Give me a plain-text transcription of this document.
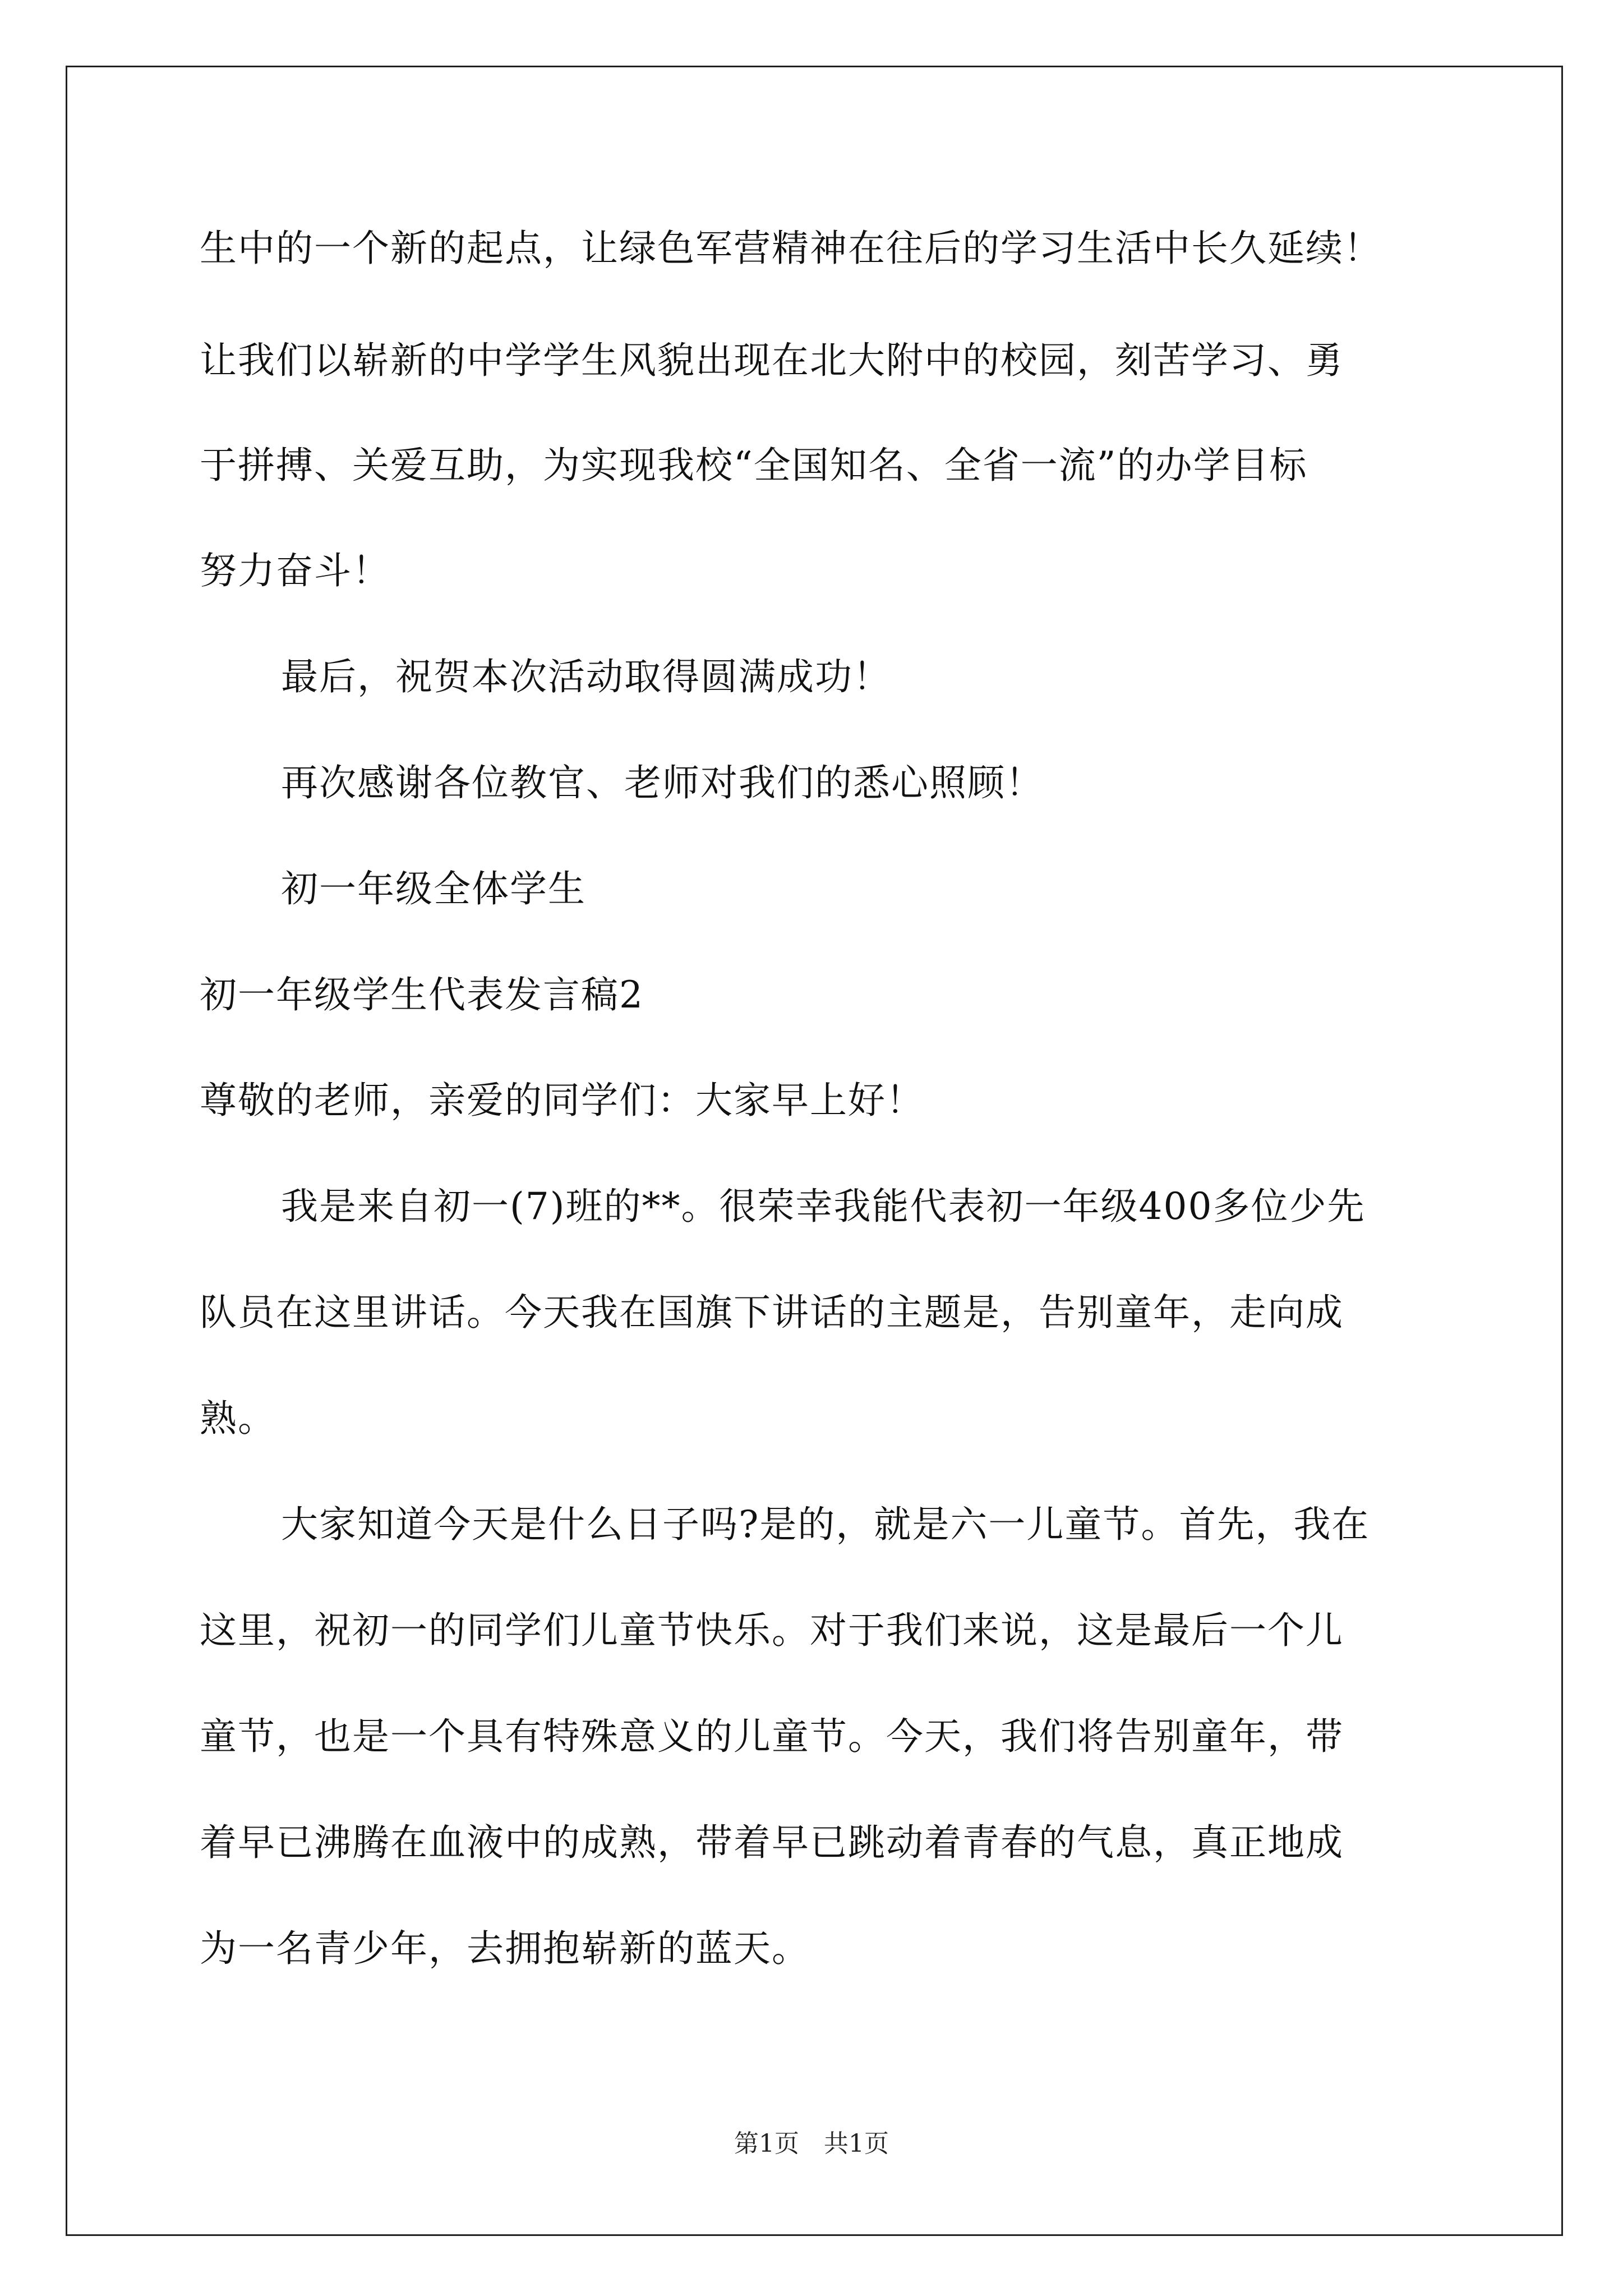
生中的一个新的起点，让绿色军营精神在往后的学习生活中长久延续！
让我们以崭新的中学学生风貌出现在北大附中的校园，刻苦学习、勇
于拼搏、关爱互助，为实现我校“全国知名、全省一流”的办学目标
努力奋斗！
最后，祝贺本次活动取得圆满成功！
再次感谢各位教官、老师对我们的悉心照顾！
初一年级全体学生
初一年级学生代表发言稿2
尊敬的老师，亲爱的同学们：大家早上好！
我是来自初一(7)班的**。很荣幸我能代表初一年级400多位少先
队员在这里讲话。今天我在国旗下讲话的主题是，告别童年，走向成
熟。
大家知道今天是什么日子吗?是的，就是六一儿童节。首先，我在
这里，祝初一的同学们儿童节快乐。对于我们来说，这是最后一个儿
童节，也是一个具有特殊意义的儿童节。今天，我们将告别童年，带
着早已沸腾在血液中的成熟，带着早已跳动着青春的气息，真正地成
为一名青少年，去拥抱崭新的蓝天。
第1页　共1页
